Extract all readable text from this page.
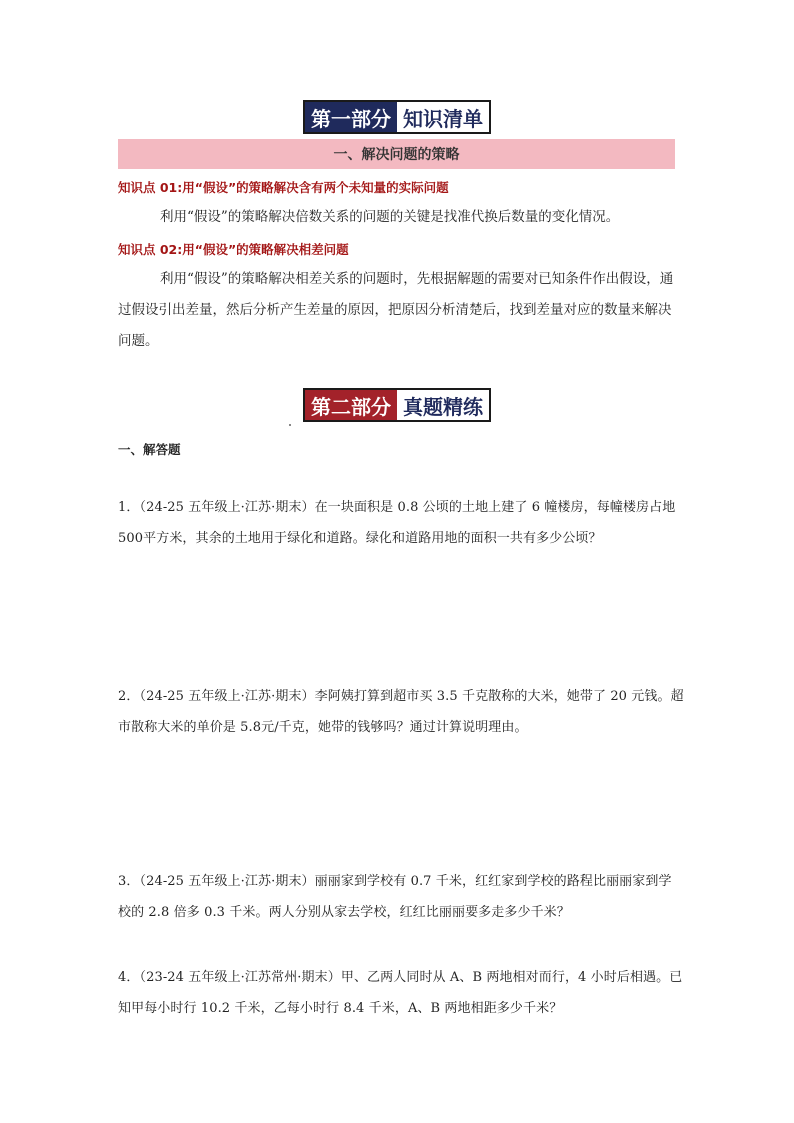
第一部分 知识清单
一、解决问题的策略
知识点 01:用“假设”的策略解决含有两个未知量的实际问题
利用“假设”的策略解决倍数关系的问题的关键是找准代换后数量的变化情况。
知识点 02:用“假设”的策略解决相差问题
利用“假设”的策略解决相差关系的问题时，先根据解题的需要对已知条件作出假设，通过假设引出差量，然后分析产生差量的原因，把原因分析清楚后，找到差量对应的数量来解决问题。
第二部分 真题精练
一、解答题
1．（24-25 五年级上·江苏·期末）在一块面积是 0.8 公顷的土地上建了 6 幢楼房，每幢楼房占地500平方米，其余的土地用于绿化和道路。绿化和道路用地的面积一共有多少公顷？
2．（24-25 五年级上·江苏·期末）李阿姨打算到超市买 3.5 千克散称的大米，她带了 20 元钱。超市散称大米的单价是 5.8元/千克，她带的钱够吗？通过计算说明理由。
3．（24-25 五年级上·江苏·期末）丽丽家到学校有 0.7 千米，红红家到学校的路程比丽丽家到学校的 2.8 倍多 0.3 千米。两人分别从家去学校，红红比丽丽要多走多少千米？
4．（23-24 五年级上·江苏常州·期末）甲、乙两人同时从 A、B 两地相对而行，4 小时后相遇。已知甲每小时行 10.2 千米，乙每小时行 8.4 千米，A、B 两地相距多少千米？
